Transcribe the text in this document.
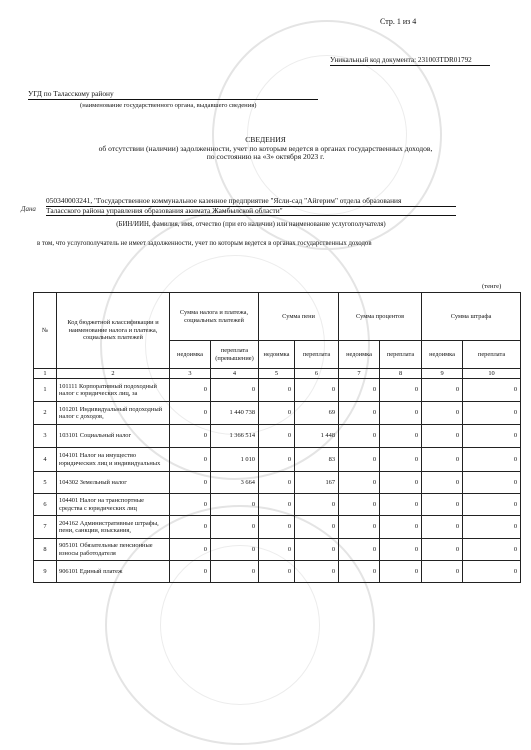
Стр. 1 из 4
Уникальный код документа: 231003TDR01792
УГД по Таласскому району
(наименование государственного органа, выдавшего сведения)
СВЕДЕНИЯ
об отсутствии (наличии) задолженности, учет по которым ведется в органах государственных доходов,
по состоянию на «3» октября 2023 г.
Дана
050340003241, "Государственное коммунальное казенное предприятие "Ясли-сад "Айгерим" отдела образования
Таласского района управления образования акимата Жамбылской области"
(БИН/ИИН, фамилия, имя, отчество (при его наличии) или наименование услугополучателя)
в том, что услугополучатель не имеет задолженности, учет по которым ведется в органах государственных доходов
(тенге)
№	Код бюджетной классификации и наименование налога и платежа, социальных платежей	Сумма налога и платежа, социальных платежей		Сумма пени		Сумма процентов		Сумма штрафа	
		недоимка	переплата (превышение)	недоимка	переплата	недоимка	переплата	недоимка	переплата
1	2	3	4	5	6	7	8	9	10
1	101111 Корпоративный подоходный налог с юридических лиц, за	0	0	0	0	0	0	0	0
2	101201 Индивидуальный подоходный налог с доходов,	0	1 440 738	0	69	0	0	0	0
3	103101 Социальный налог	0	1 366 514	0	1 448	0	0	0	0
4	104101 Налог на имущество юридических лиц и индивидуальных	0	1 010	0	83	0	0	0	0
5	104302 Земельный налог	0	3 664	0	167	0	0	0	0
6	104401 Налог на транспортные средства с юридических лиц	0	0	0	0	0	0	0	0
7	204162 Административные штрафы, пени, санкции, взыскания,	0	0	0	0	0	0	0	0
8	905101 Обязательные пенсионные взносы работодателя	0	0	0	0	0	0	0	0
9	906101 Единый платеж	0	0	0	0	0	0	0	0
